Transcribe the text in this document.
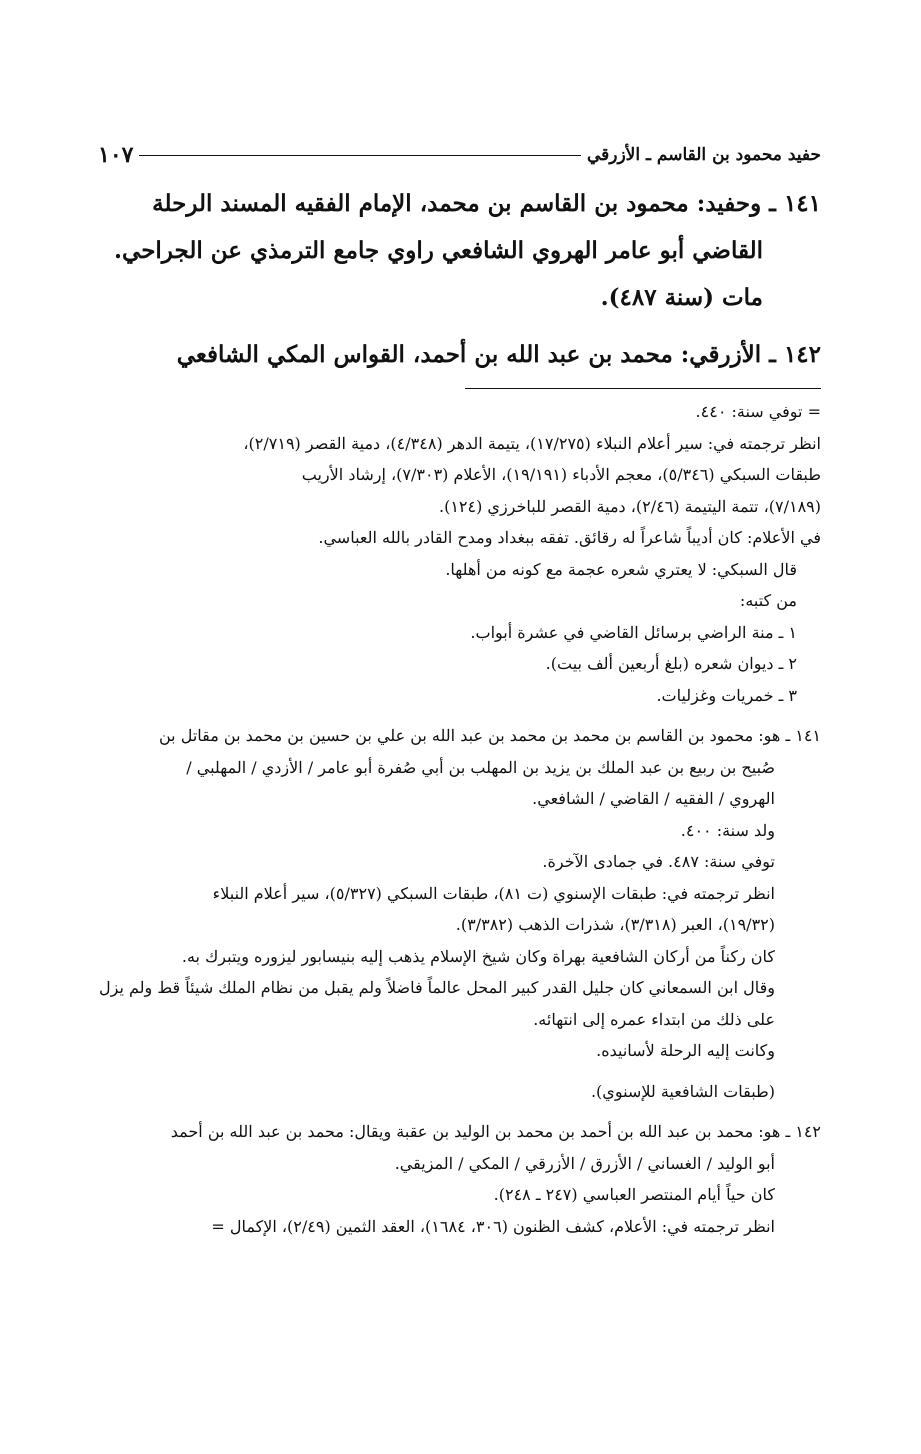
حفيد محمود بن القاسم ـ الأزرقي
١٠٧
١٤١ ـ وحفيد: محمود بن القاسم بن محمد، الإمام الفقيه المسند الرحلة
القاضي أبو عامر الهروي الشافعي راوي جامع الترمذي عن الجراحي.
مات (سنة ٤٨٧).
١٤٢ ـ الأزرقي: محمد بن عبد الله بن أحمد، القواس المكي الشافعي
= توفي سنة: ٤٤٠.
انظر ترجمته في: سير أعلام النبلاء (١٧/٢٧٥)، يتيمة الدهر (٤/٣٤٨)، دمية القصر (٢/٧١٩)،
طبقات السبكي (٥/٣٤٦)، معجم الأدباء (١٩/١٩١)، الأعلام (٧/٣٠٣)، إرشاد الأريب
(٧/١٨٩)، تتمة اليتيمة (٢/٤٦)، دمية القصر للباخرزي (١٢٤).
في الأعلام: كان أديباً شاعراً له رقائق. تفقه ببغداد ومدح القادر بالله العباسي.
قال السبكي: لا يعتري شعره عجمة مع كونه من أهلها.
من كتبه:
١ ـ منة الراضي برسائل القاضي في عشرة أبواب.
٢ ـ ديوان شعره (بلغ أربعين ألف بيت).
٣ ـ خمريات وغزليات.
١٤١ ـ هو: محمود بن القاسم بن محمد بن محمد بن عبد الله بن علي بن حسين بن محمد بن مقاتل بن
صُبيح بن ربيع بن عبد الملك بن يزيد بن المهلب بن أبي صُفرة أبو عامر / الأزدي / المهلبي /
الهروي / الفقيه / القاضي / الشافعي.
ولد سنة: ٤٠٠.
توفي سنة: ٤٨٧. في جمادى الآخرة.
انظر ترجمته في: طبقات الإسنوي (ت ٨١)، طبقات السبكي (٥/٣٢٧)، سير أعلام النبلاء
(١٩/٣٢)، العبر (٣/٣١٨)، شذرات الذهب (٣/٣٨٢).
كان ركناً من أركان الشافعية بهراة وكان شيخ الإسلام يذهب إليه بنيسابور ليزوره ويتبرك به.
وقال ابن السمعاني كان جليل القدر كبير المحل عالماً فاضلاً ولم يقبل من نظام الملك شيئاً قط ولم يزل
على ذلك من ابتداء عمره إلى انتهائه.
وكانت إليه الرحلة لأسانيده.
(طبقات الشافعية للإسنوي).
١٤٢ ـ هو: محمد بن عبد الله بن أحمد بن محمد بن الوليد بن عقبة ويقال: محمد بن عبد الله بن أحمد
أبو الوليد / الغساني / الأزرق / الأزرقي / المكي / المزيقي.
كان حياً أيام المنتصر العباسي (٢٤٧ ـ ٢٤٨).
انظر ترجمته في: الأعلام، كشف الظنون (٣٠٦، ١٦٨٤)، العقد الثمين (٢/٤٩)، الإكمال =
